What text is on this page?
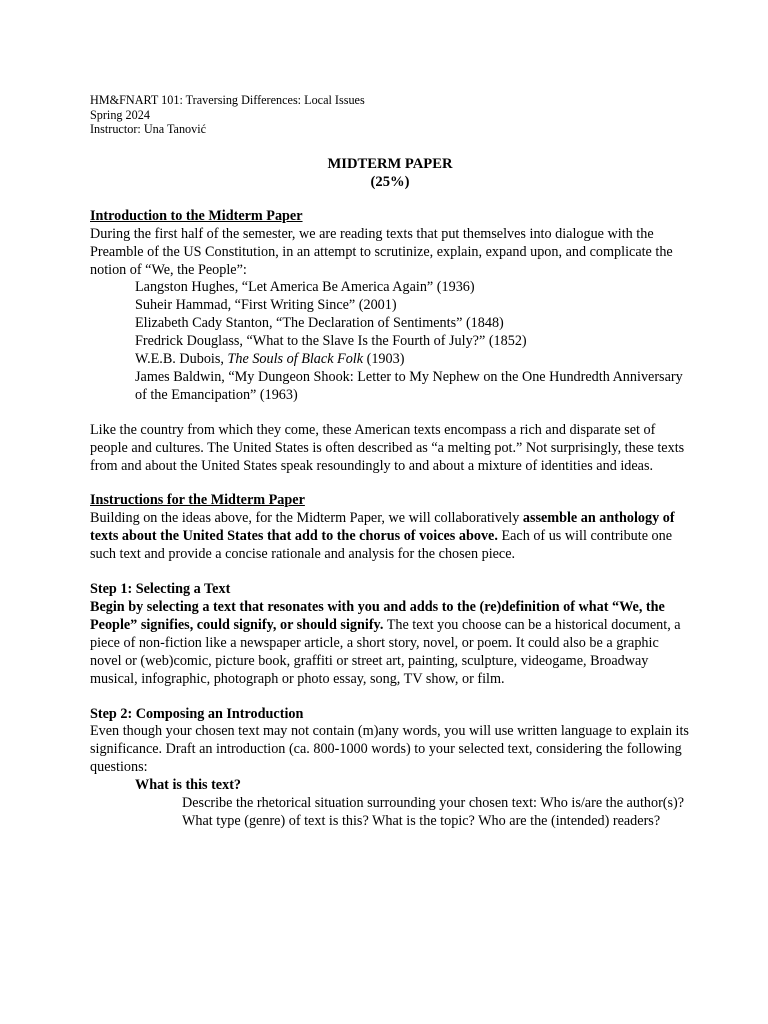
HM&FNART 101: Traversing Differences: Local Issues
Spring 2024
Instructor: Una Tanović
MIDTERM PAPER
(25%)
Introduction to the Midterm Paper

During the first half of the semester, we are reading texts that put themselves into dialogue with the Preamble of the US Constitution, in an attempt to scrutinize, explain, expand upon, and complicate the notion of “We, the People”:

Langston Hughes, “Let America Be America Again” (1936)
Suheir Hammad, “First Writing Since” (2001)
Elizabeth Cady Stanton, “The Declaration of Sentiments” (1848)
Fredrick Douglass, “What to the Slave Is the Fourth of July?” (1852)
W.E.B. Dubois, The Souls of Black Folk (1903)
James Baldwin, “My Dungeon Shook: Letter to My Nephew on the One Hundredth Anniversary of the Emancipation” (1963)

Like the country from which they come, these American texts encompass a rich and disparate set of people and cultures. The United States is often described as “a melting pot.” Not surprisingly, these texts from and about the United States speak resoundingly to and about a mixture of identities and ideas.

Instructions for the Midterm Paper

Building on the ideas above, for the Midterm Paper, we will collaboratively assemble an anthology of texts about the United States that add to the chorus of voices above. Each of us will contribute one such text and provide a concise rationale and analysis for the chosen piece.

Step 1: Selecting a Text

Begin by selecting a text that resonates with you and adds to the (re)definition of what “We, the People” signifies, could signify, or should signify. The text you choose can be a historical document, a piece of non-fiction like a newspaper article, a short story, novel, or poem. It could also be a graphic novel or (web)comic, picture book, graffiti or street art, painting, sculpture, videogame, Broadway musical, infographic, photograph or photo essay, song, TV show, or film.

Step 2: Composing an Introduction

Even though your chosen text may not contain (m)any words, you will use written language to explain its significance. Draft an introduction (ca. 800-1000 words) to your selected text, considering the following questions:

What is this text?
Describe the rhetorical situation surrounding your chosen text: Who is/are the author(s)? What type (genre) of text is this? What is the topic? Who are the (intended) readers?
